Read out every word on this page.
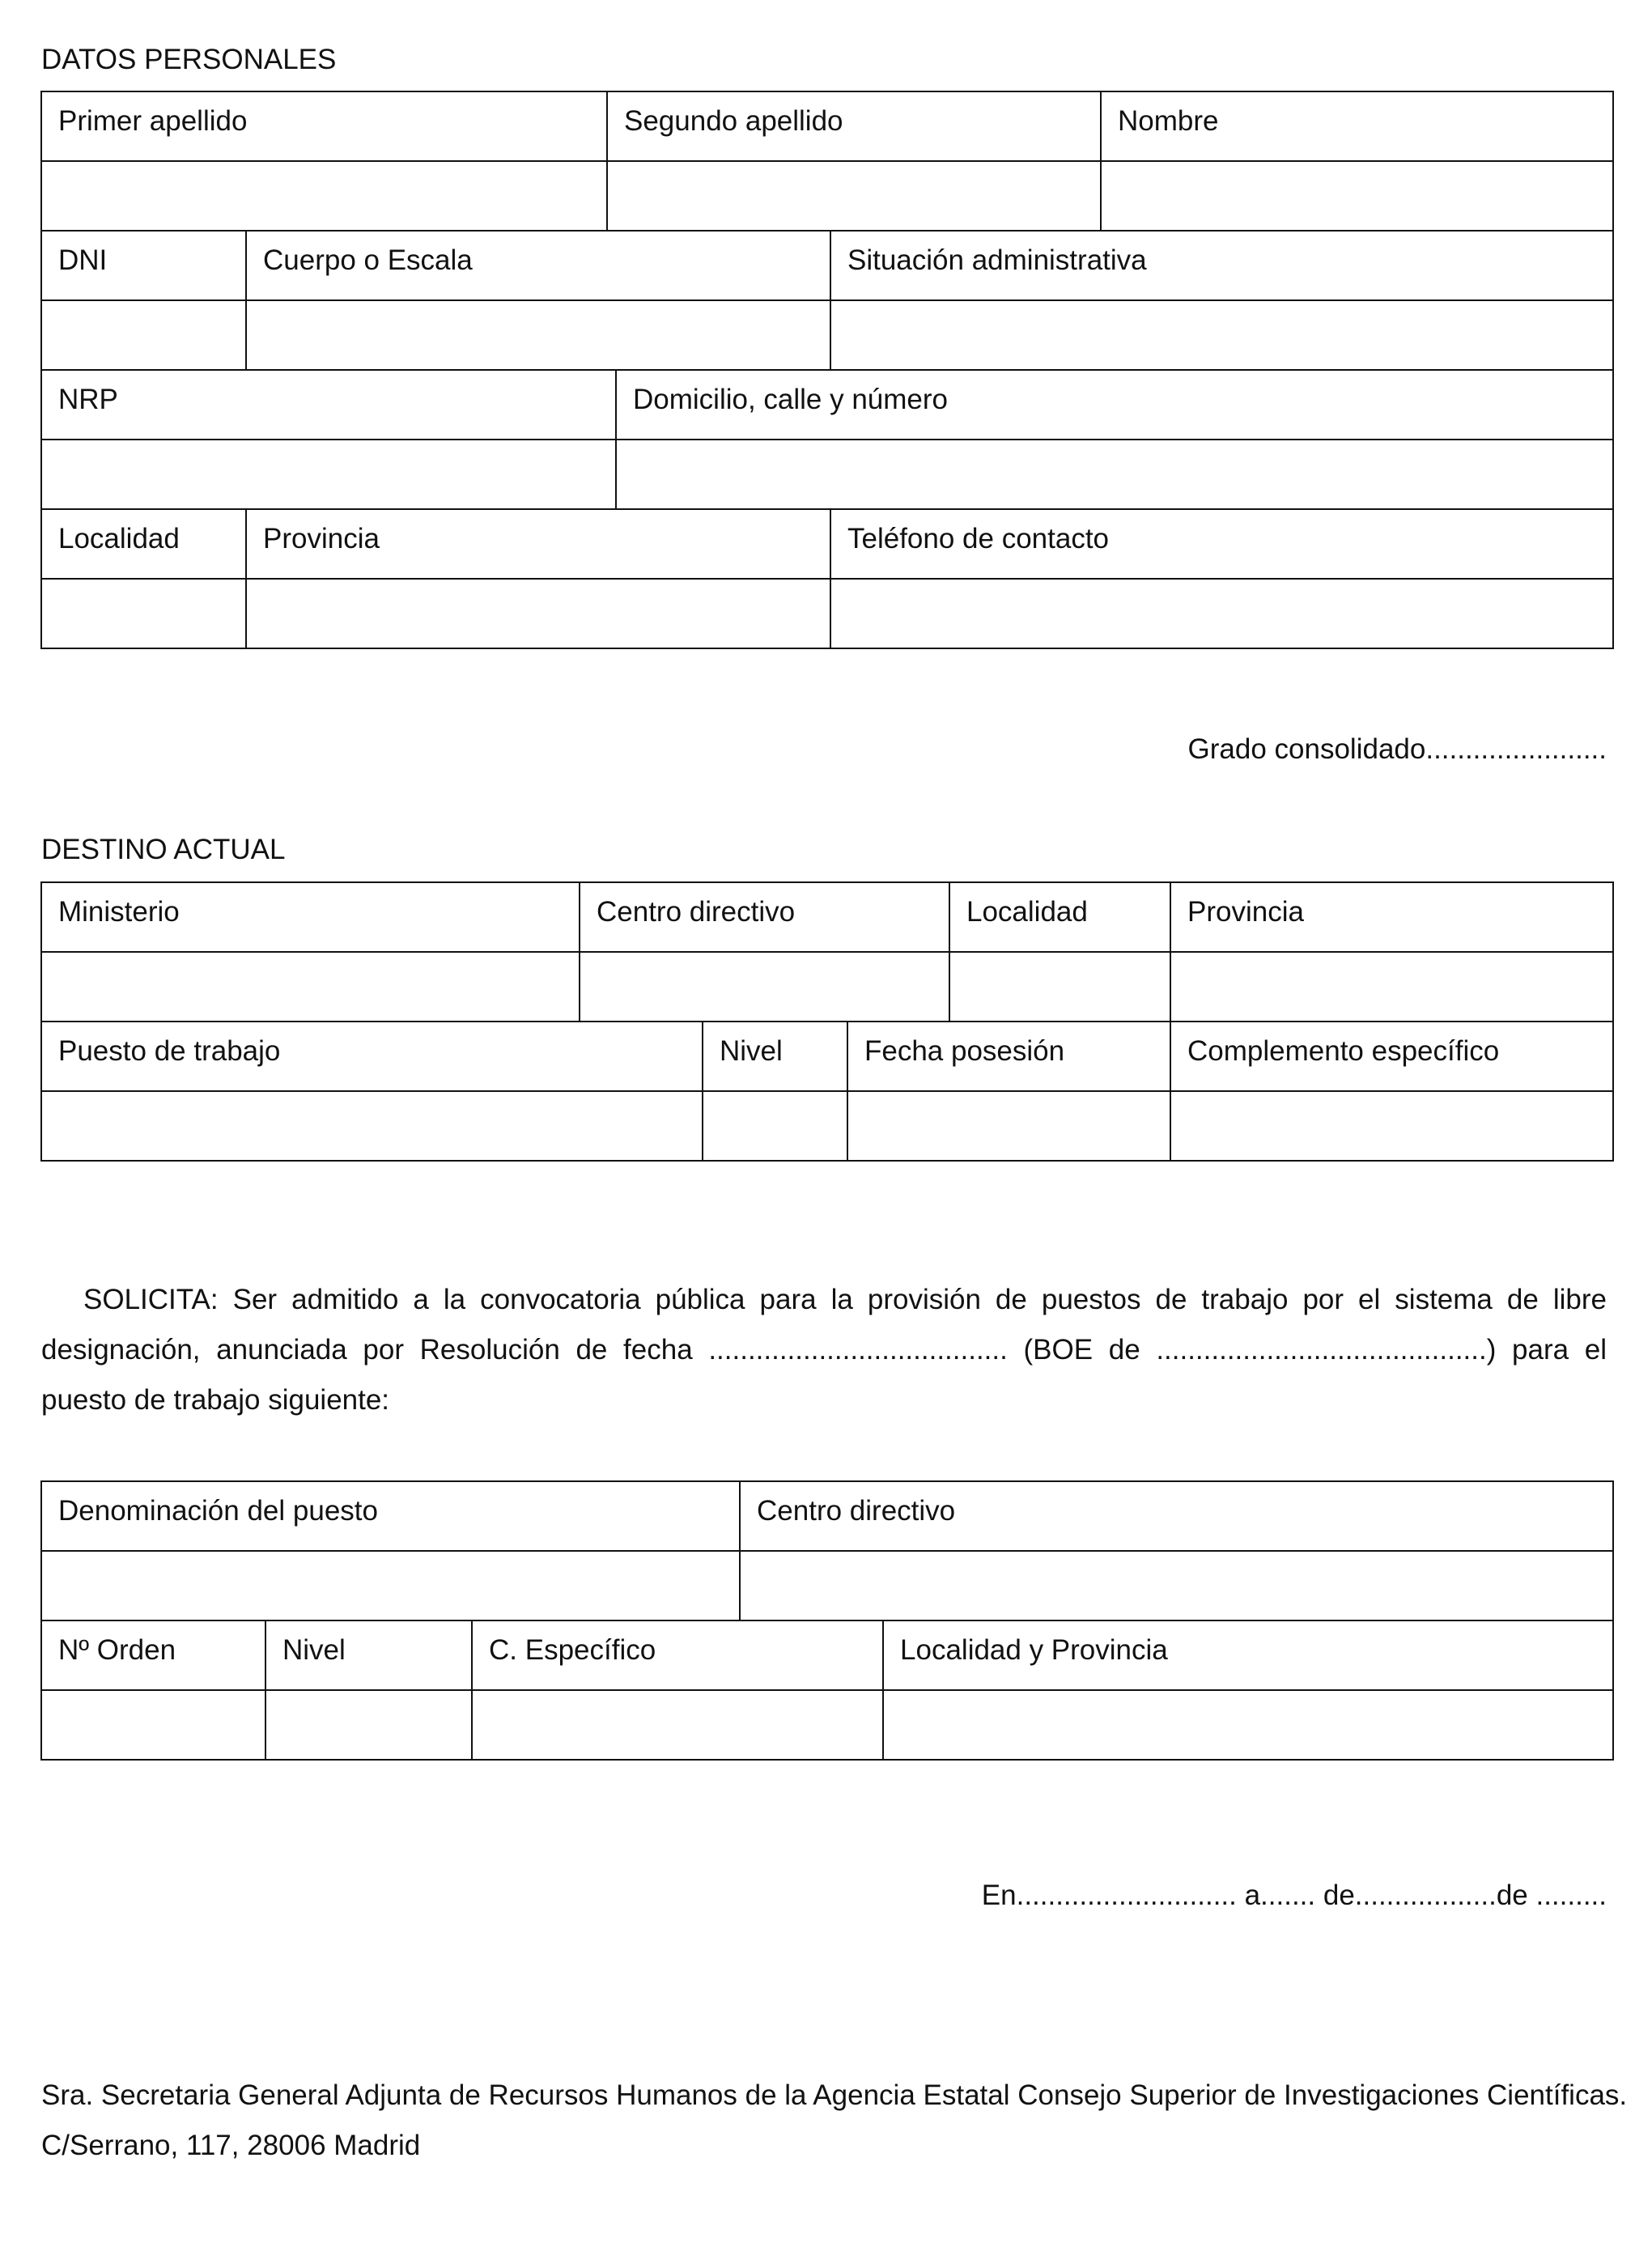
DATOS PERSONALES
Primer apellido		Segundo apellido			Nombre

DNI	Cuerpo o Escala			Situación administrativa	

NRP			Domicilio, calle y número		

Localidad	Provincia			Teléfono de contacto	

Grado consolidado.......................
DESTINO ACTUAL
Ministerio	Centro directivo			Localidad	Provincia

Puesto de trabajo		Nivel	Fecha posesión		Complemento específico

SOLICITA: Ser admitido a la convocatoria pública para la provisión de puestos de trabajo por el sistema de libre designación, anunciada por Resolución de fecha ...................................... (BOE de ..........................................) para el puesto de trabajo siguiente:

Denominación del puesto			Centro directivo	

Nº Orden	Nivel	C. Específico		Localidad y Provincia

En............................ a....... de..................de .........

Sra. Secretaria General Adjunta de Recursos Humanos de la Agencia Estatal Consejo Superior de Investigaciones Científicas.

C/Serrano, 117, 28006 Madrid
